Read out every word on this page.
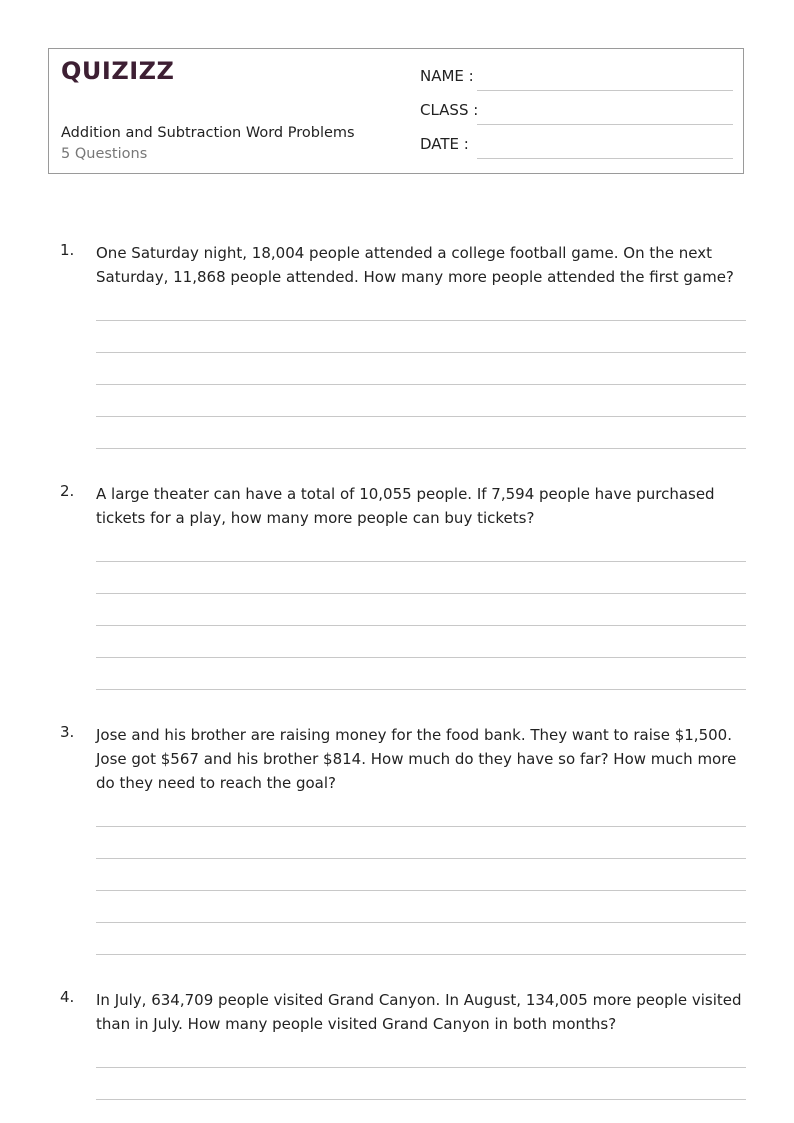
QUIZIZZ
Addition and Subtraction Word Problems
5 Questions
NAME :
CLASS :
DATE :
1. One Saturday night, 18,004 people attended a college football game. On the next Saturday, 11,868 people attended. How many more people attended the first game?
2. A large theater can have a total of 10,055 people. If 7,594 people have purchased tickets for a play, how many more people can buy tickets?
3. Jose and his brother are raising money for the food bank. They want to raise $1,500. Jose got $567 and his brother $814. How much do they have so far? How much more do they need to reach the goal?
4. In July, 634,709 people visited Grand Canyon. In August, 134,005 more people visited than in July. How many people visited Grand Canyon in both months?
